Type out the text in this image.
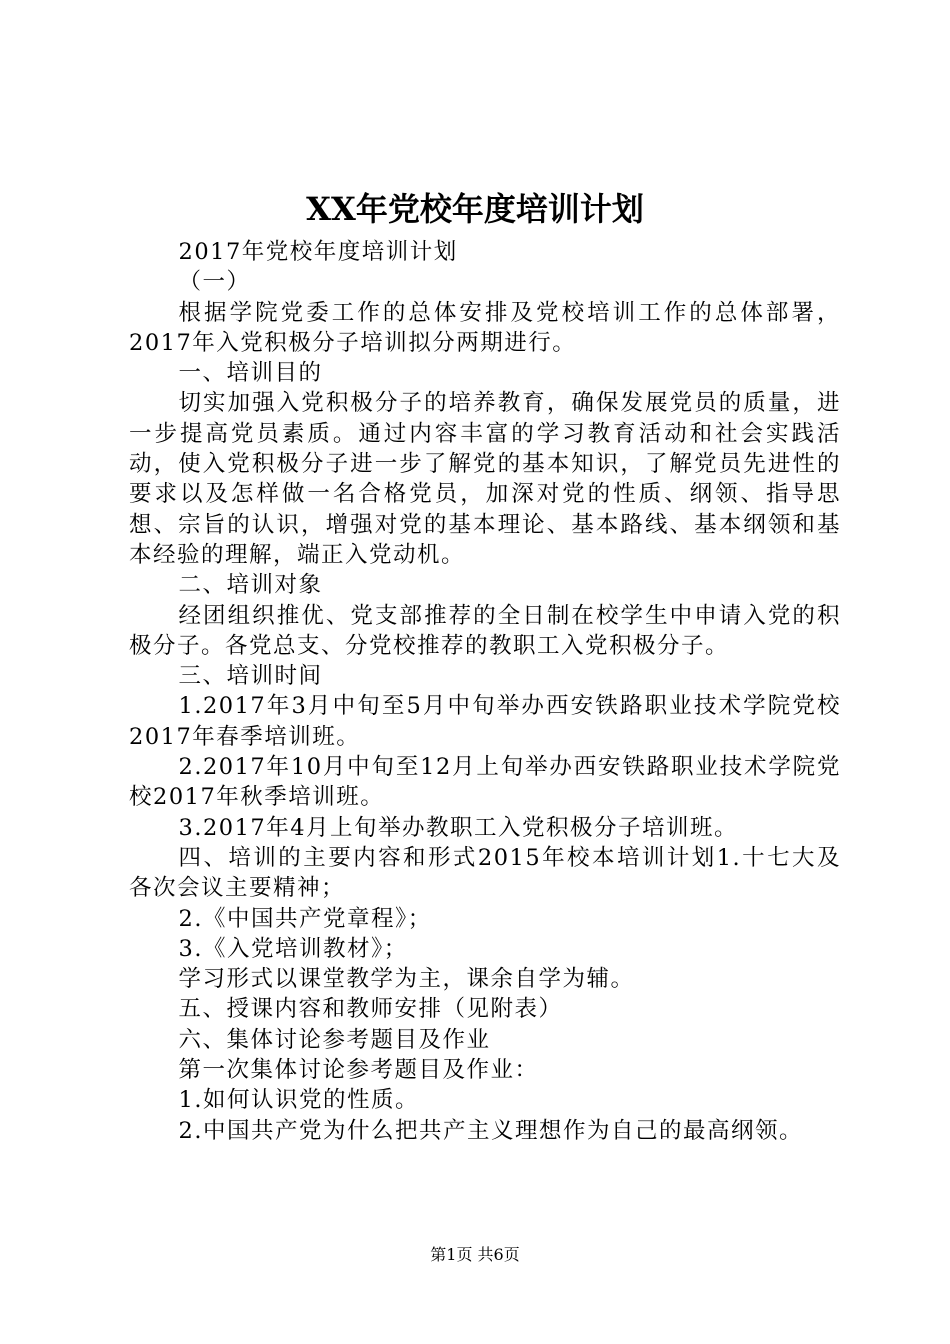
XX年党校年度培训计划

2017年党校年度培训计划

（一）

根据学院党委工作的总体安排及党校培训工作的总体部署，2017年入党积极分子培训拟分两期进行。

一、培训目的

切实加强入党积极分子的培养教育，确保发展党员的质量，进一步提高党员素质。通过内容丰富的学习教育活动和社会实践活动，使入党积极分子进一步了解党的基本知识，了解党员先进性的要求以及怎样做一名合格党员，加深对党的性质、纲领、指导思想、宗旨的认识，增强对党的基本理论、基本路线、基本纲领和基本经验的理解，端正入党动机。

二、培训对象

经团组织推优、党支部推荐的全日制在校学生中申请入党的积极分子。各党总支、分党校推荐的教职工入党积极分子。

三、培训时间

1.2017年3月中旬至5月中旬举办西安铁路职业技术学院党校2017年春季培训班。

2.2017年10月中旬至12月上旬举办西安铁路职业技术学院党校2017年秋季培训班。

3.2017年4月上旬举办教职工入党积极分子培训班。

四、培训的主要内容和形式2015年校本培训计划1.十七大及各次会议主要精神；

2.《中国共产党章程》；

3.《入党培训教材》；

学习形式以课堂教学为主，课余自学为辅。

五、授课内容和教师安排（见附表）

六、集体讨论参考题目及作业

第一次集体讨论参考题目及作业：

1.如何认识党的性质。

2.中国共产党为什么把共产主义理想作为自己的最高纲领。

第1页 共6页
